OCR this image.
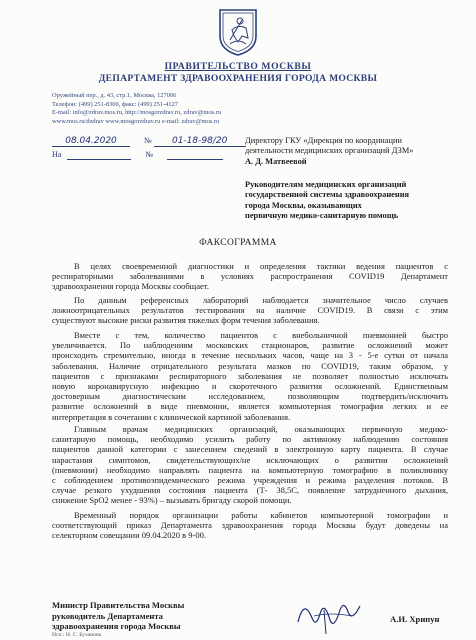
ПРАВИТЕЛЬСТВО МОСКВЫ
ДЕПАРТАМЕНТ ЗДРАВООХРАНЕНИЯ ГОРОДА МОСКВЫ
Оружейный пер., д. 43, стр.1, Москва, 127006
Телефон: (499) 251-8300, факс: (499) 251-4127
E-mail: info@zdrav.mos.ru, http://mosgorzdrav.ru, zdrav@mos.ru
www.mos.ru/dzdrav www.mosgorzdrav.ru e-mail: zdrav@mos.ru
08.04.2020	№ 01-18-98/20
На	№
Директору ГКУ «Дирекция по координации
деятельности медицинских организаций ДЗМ»
А. Д. Матвеевой
Руководителям медицинских организаций
государственной системы здравоохранения
города Москвы, оказывающих
первичную медико-санитарную помощь
ФАКСОГРАММА
В целях своевременной диагностики и определения тактики ведения пациентов с
респираторными заболеваниями в условиях распространения COVID19 Департамент
здравоохранения города Москвы сообщает.
По данным референсных лабораторий наблюдается значительное число случаев
ложноотрицательных результатов тестирования на наличие COVID19. В связи с этим
существуют высокие риски развития тяжелых форм течения заболевания.
Вместе с тем, количество пациентов с внебольничной пневмонией быстро
увеличивается. По наблюдениям московских стационаров, развитие осложнений может
происходить стремительно, иногда в течение нескольких часов, чаще на 3 - 5-е сутки от начала
заболевания. Наличие отрицательного результата мазков по COVID19, таким образом, у
пациентов с признаками респираторного заболевания не позволяет полностью исключать
новую коронавирусную инфекцию и скоротечного развития осложнений. Единственным
достоверным диагностическим исследованием, позволяющим подтвердить/исключить
развитие осложнений в виде пневмонии, является компьютерная томография легких и ее
интерпретация в сочетании с клинической картиной заболевания.
Главным врачам медицинских организаций, оказывающих первичную медико-
санитарную помощь, необходимо усилить работу по активному наблюдению состояния
пациентов данной категории с занесением сведений в электронную карту пациента. В случае
нарастания симптомов, свидетельствующих/не исключающих о развитии осложнений
(пневмонии) необходимо направлять пациента на компьютерную томографию в поликлинику
с соблюдением противоэпидемического режима учреждения и режима разделения потоков. В
случае резкого ухудшения состояния пациента (Т- 38,5С, появление затрудненного дыхания,
снижение SpO2 менее - 93%) – вызывать бригаду скорой помощи.
Временный порядок организации работы кабинетов компьютерной томографии и
соответствующий приказ Департамента здравоохранения города Москвы будут доведены на
селекторном совещании 09.04.2020 в 9-00.
Министр Правительства Москвы
руководитель Департамента
здравоохранения города Москвы
А.И. Хрипун
Исп.: Н. С. Буханова
